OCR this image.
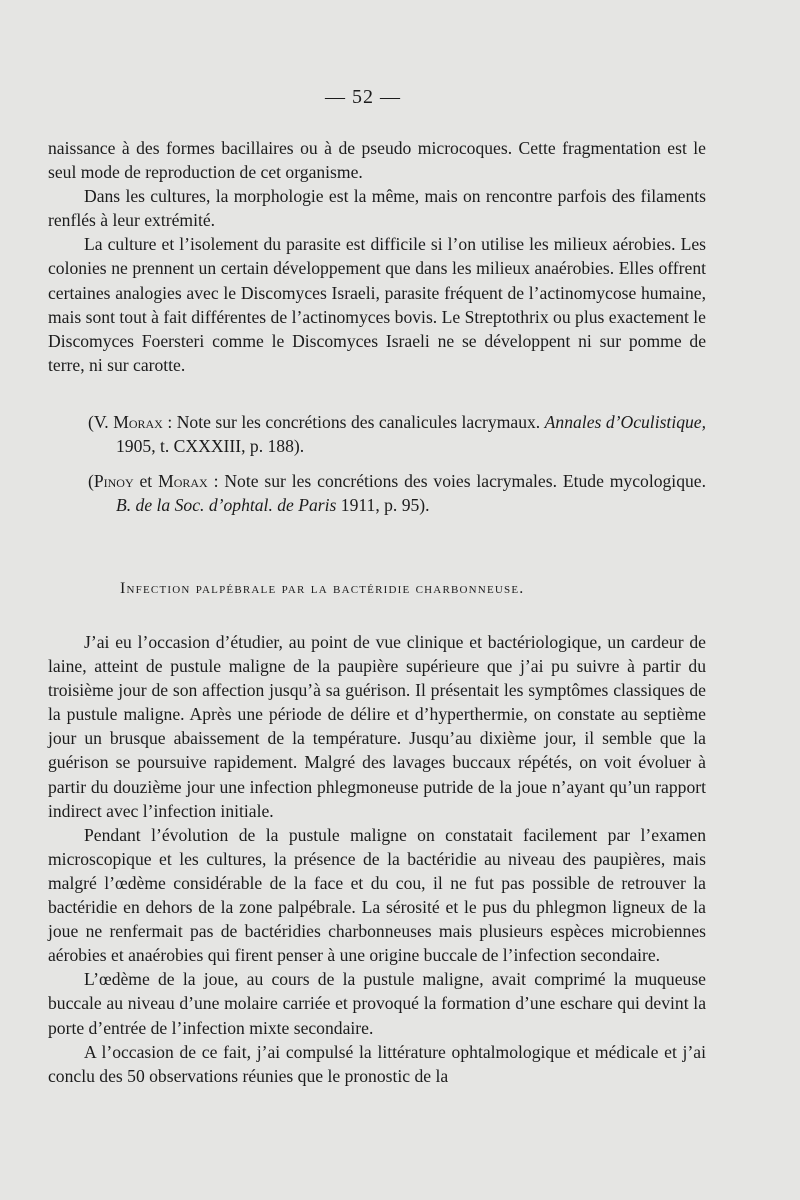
— 52 —

naissance à des formes bacillaires ou à de pseudo microcoques. Cette fragmentation est le seul mode de reproduction de cet organisme.

Dans les cultures, la morphologie est la même, mais on rencontre parfois des filaments renflés à leur extrémité.

La culture et l’isolement du parasite est difficile si l’on utilise les milieux aérobies. Les colonies ne prennent un certain développement que dans les milieux anaérobies. Elles offrent certaines analogies avec le Discomyces Israeli, parasite fréquent de l’actinomycose humaine, mais sont tout à fait différentes de l’actinomyces bovis. Le Streptothrix ou plus exactement le Discomyces Foersteri comme le Discomyces Israeli ne se développent ni sur pomme de terre, ni sur carotte.

(V. Morax : Note sur les concrétions des canalicules lacrymaux. Annales d’Oculistique, 1905, t. CXXXIII, p. 188).

(Pinoy et Morax : Note sur les concrétions des voies lacrymales. Etude mycologique. B. de la Soc. d’ophtal. de Paris 1911, p. 95).

Infection palpébrale par la bactéridie charbonneuse.

J’ai eu l’occasion d’étudier, au point de vue clinique et bactériologique, un cardeur de laine, atteint de pustule maligne de la paupière supérieure que j’ai pu suivre à partir du troisième jour de son affection jusqu’à sa guérison. Il présentait les symptômes classiques de la pustule maligne. Après une période de délire et d’hyperthermie, on constate au septième jour un brusque abaissement de la température. Jusqu’au dixième jour, il semble que la guérison se poursuive rapidement. Malgré des lavages buccaux répétés, on voit évoluer à partir du douzième jour une infection phlegmoneuse putride de la joue n’ayant qu’un rapport indirect avec l’infection initiale.

Pendant l’évolution de la pustule maligne on constatait facilement par l’examen microscopique et les cultures, la présence de la bactéridie au niveau des paupières, mais malgré l’œdème considérable de la face et du cou, il ne fut pas possible de retrouver la bactéridie en dehors de la zone palpébrale. La sérosité et le pus du phlegmon ligneux de la joue ne renfermait pas de bactéridies charbonneuses mais plusieurs espèces microbiennes aérobies et anaérobies qui firent penser à une origine buccale de l’infection secondaire.

L’œdème de la joue, au cours de la pustule maligne, avait comprimé la muqueuse buccale au niveau d’une molaire carriée et provoqué la formation d’une eschare qui devint la porte d’entrée de l’infection mixte secondaire.

A l’occasion de ce fait, j’ai compulsé la littérature ophtalmologique et médicale et j’ai conclu des 50 observations réunies que le pronostic de la
